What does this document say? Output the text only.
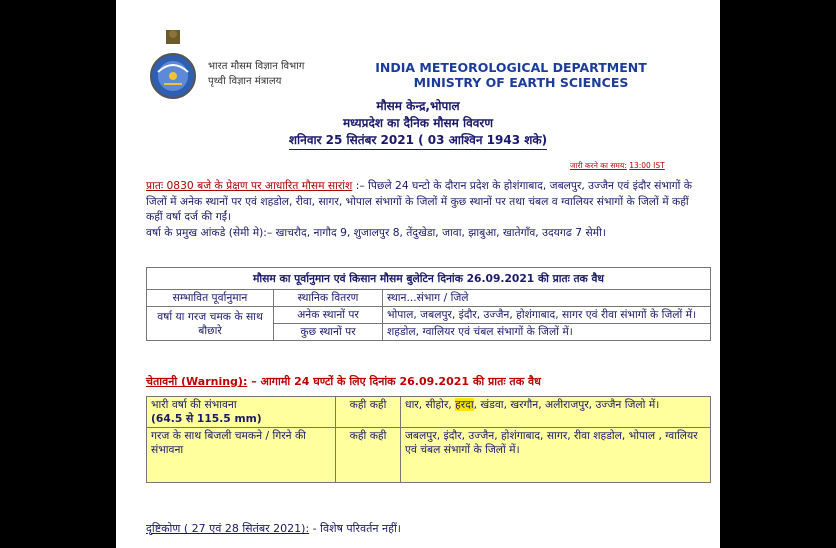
भारत मौसम विज्ञान विभाग
पृथ्वी विज्ञान मंत्रालय
INDIA METEOROLOGICAL DEPARTMENT
MINISTRY OF EARTH SCIENCES
मौसम केन्द्र,भोपाल
मध्यप्रदेश का दैनिक मौसम विवरण
शनिवार 25 सितंबर 2021 ( 03 आश्विन 1943 शके)
जारी करने का समय: 13:00 IST
प्रातः 0830 बजे के प्रेक्षण पर आधारित मौसम सारांश :– पिछले 24 घन्टो के दौरान प्रदेश के होशंगाबाद, जबलपुर, उज्जैन एवं इंदौर संभागों के जिलों में अनेक स्थानों पर एवं शहडोल, रीवा, सागर, भोपाल संभागों के जिलों में कुछ स्थानों पर तथा चंबल व ग्वालियर संभागों के जिलों में कहीं कहीं वर्षा दर्ज की गईं।
वर्षा के प्रमुख आंकडे (सेमी मे):– खाचरौद, नागौद 9, शुजालपुर 8, तेंदुखेडा, जावा, झाबुआ, खातेगाँव, उदयगढ 7 सेमी।
मौसम का पूर्वानुमान एवं किसान मौसम बुलेटिन दिनांक 26.09.2021 की प्रातः तक वैध		
सम्भावित पूर्वानुमान	स्थानिक वितरण	स्थान...संभाग / जिले
वर्षा या गरज चमक के साथ बौछारे	अनेक स्थानों पर	भोपाल, जबलपुर, इंदौर, उज्जैन, होशंगाबाद, सागर एवं रीवा संभागों के जिलों में।
	कुछ स्थानों पर	शहडोल, ग्वालियर एवं चंबल संभागों के जिलों में।
चेतावनी (Warning): – आगामी 24 घण्टों के लिए दिनांक 26.09.2021 की प्रातः तक वैध
भारी वर्षा की संभावना
(64.5 से 115.5 mm)	कही कही	धार, सीहोर, हरदा, खंडवा, खरगौन, अलीराजपुर, उज्जैन जिलो में।
गरज के साथ बिजली चमकने / गिरने की संभावना	कही कही	जबलपुर, इंदौर, उज्जैन, होशंगाबाद, सागर, रीवा शहडोल, भोपाल , ग्वालियर एवं चंबल संभागों के जिलों में।
दृष्टिकोण ( 27 एवं 28 सितंबर 2021): - विशेष परिवर्तन नहीं।
